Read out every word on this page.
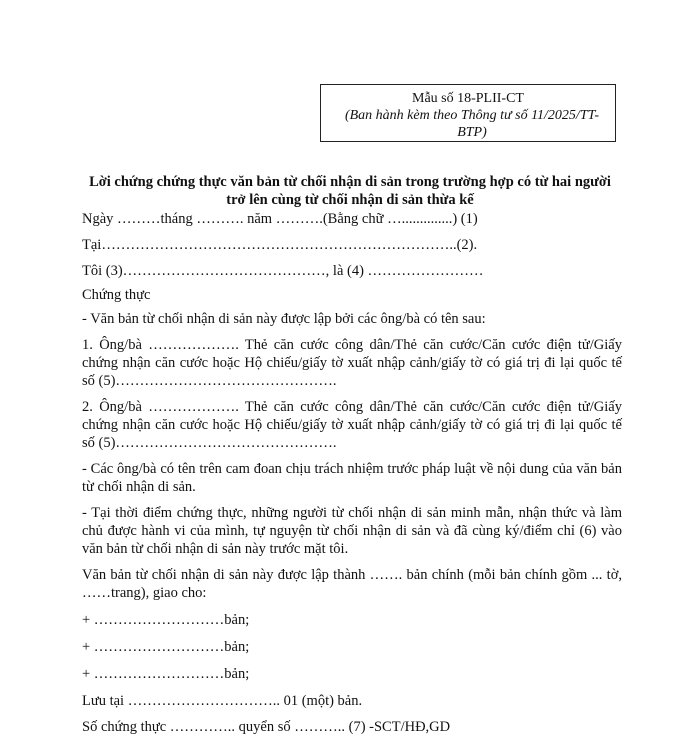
Mẫu số 18-PLII-CT
(Ban hành kèm theo Thông tư số 11/2025/TT-BTP)
Lời chứng chứng thực văn bản từ chối nhận di sản trong trường hợp có từ hai người trở lên cùng từ chối nhận di sản thừa kế

Ngày ………tháng ………. năm ……….(Bằng chữ …..............) (1)

Tại………………………………………………………………..(2).

Tôi (3)……………………………………, là (4) ……………………

Chứng thực

- Văn bản từ chối nhận di sản này được lập bởi các ông/bà có tên sau:

1. Ông/bà ………………. Thẻ căn cước công dân/Thẻ căn cước/Căn cước điện tử/Giấy chứng nhận căn cước hoặc Hộ chiếu/giấy tờ xuất nhập cảnh/giấy tờ có giá trị đi lại quốc tế số (5)……………………………………….

2. Ông/bà ………………. Thẻ căn cước công dân/Thẻ căn cước/Căn cước điện tử/Giấy chứng nhận căn cước hoặc Hộ chiếu/giấy tờ xuất nhập cảnh/giấy tờ có giá trị đi lại quốc tế số (5)……………………………………….

- Các ông/bà có tên trên cam đoan chịu trách nhiệm trước pháp luật về nội dung của văn bản từ chối nhận di sản.

- Tại thời điểm chứng thực, những người từ chối nhận di sản minh mẫn, nhận thức và làm chủ được hành vi của mình, tự nguyện từ chối nhận di sản và đã cùng ký/điểm chỉ (6) vào văn bản từ chối nhận di sản này trước mặt tôi.

Văn bản từ chối nhận di sản này được lập thành ……. bản chính (mỗi bản chính gồm ... tờ, ……trang), giao cho:

+ ………………………bản;

+ ………………………bản;

+ ………………………bản;

Lưu tại ………………………….. 01 (một) bản.

Số chứng thực ………….. quyển số ……….. (7) -SCT/HĐ,GD
